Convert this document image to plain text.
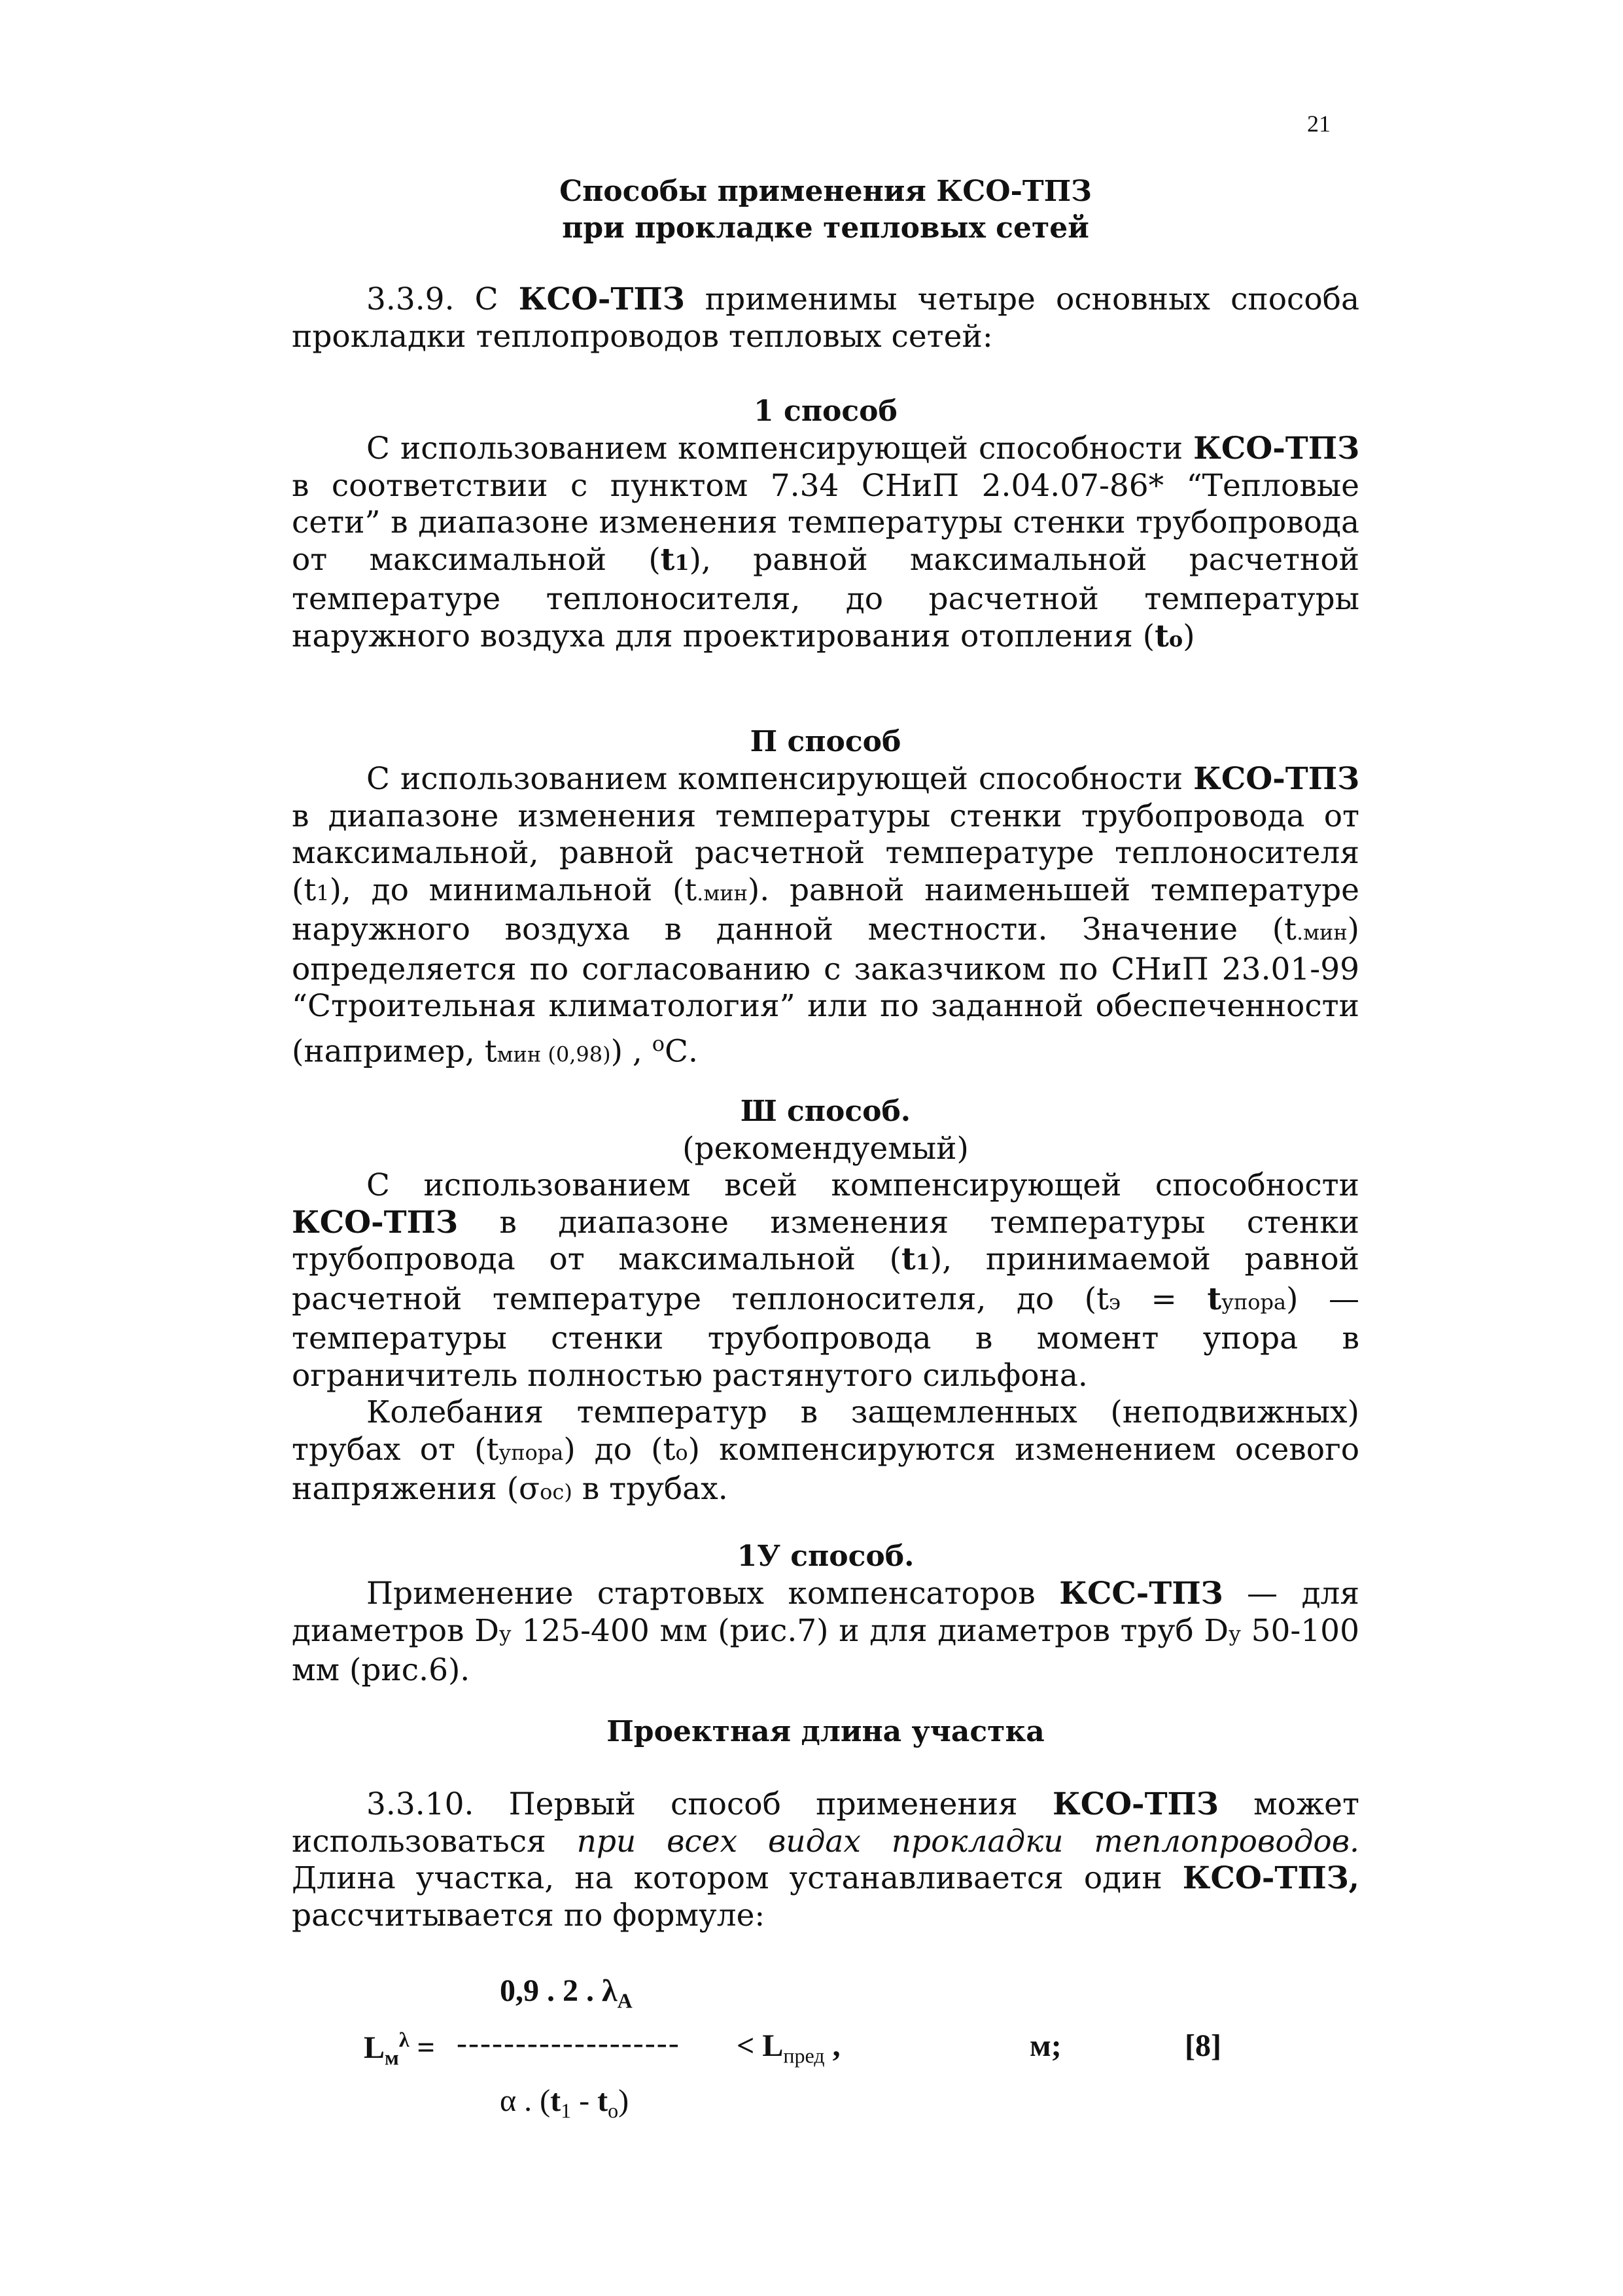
21
Способы применения КСО-ТПЗ
при прокладке тепловых сетей

3.3.9. С КСО-ТПЗ применимы четыре основных способа прокладки теплопроводов тепловых сетей:

1 способ

С использованием компенсирующей способности КСО-ТПЗ в соответствии с пунктом 7.34 СНиП 2.04.07-86* “Тепловые сети” в диапазоне изменения температуры стенки трубопровода от максимальной (t1), равной максимальной расчетной температуре теплоносителя, до расчетной температуры наружного воздуха для проектирования отопления (to)

П способ

С использованием компенсирующей способности КСО-ТПЗ в диапазоне изменения температуры стенки трубопровода от максимальной, равной расчетной температуре теплоносителя (t1), до минимальной (t.мин). равной наименьшей температуре наружного воздуха в данной местности. Значение (t.мин) определяется по согласованию с заказчиком по СНиП 23.01-99 “Строительная климатология” или по заданной обеспеченности (например, tмин (0,98)) , $^o$С.

Ш способ.
(рекомендуемый)

С использованием всей компенсирующей способности КСО-ТПЗ в диапазоне изменения температуры стенки трубопровода от максимальной (t1), принимаемой равной расчетной температуре теплоносителя, до (tэ = tупора) — температуры стенки трубопровода в момент упора в ограничитель полностью растянутого сильфона.

Колебания температур в защемленных (неподвижных) трубах от (tупора) до (to) компенсируются изменением осевого напряжения (σос) в трубах.

1У способ.

Применение стартовых компенсаторов КСС-ТПЗ — для диаметров Dу 125-400 мм (рис.7) и для диаметров труб Dу 50-100 мм (рис.6).

Проектная длина участка

3.3.10. Первый способ применения КСО-ТПЗ может использоваться при всех видах прокладки теплопроводов. Длина участка, на котором устанавливается один КСО-ТПЗ, рассчитывается по формуле:

0,9 . 2 . $\lambda_A$
$L_м^\lambda$ = ------------------- < $L_{пред}$ ,	м;	[8]
α . $(t_1 - t_o)$
